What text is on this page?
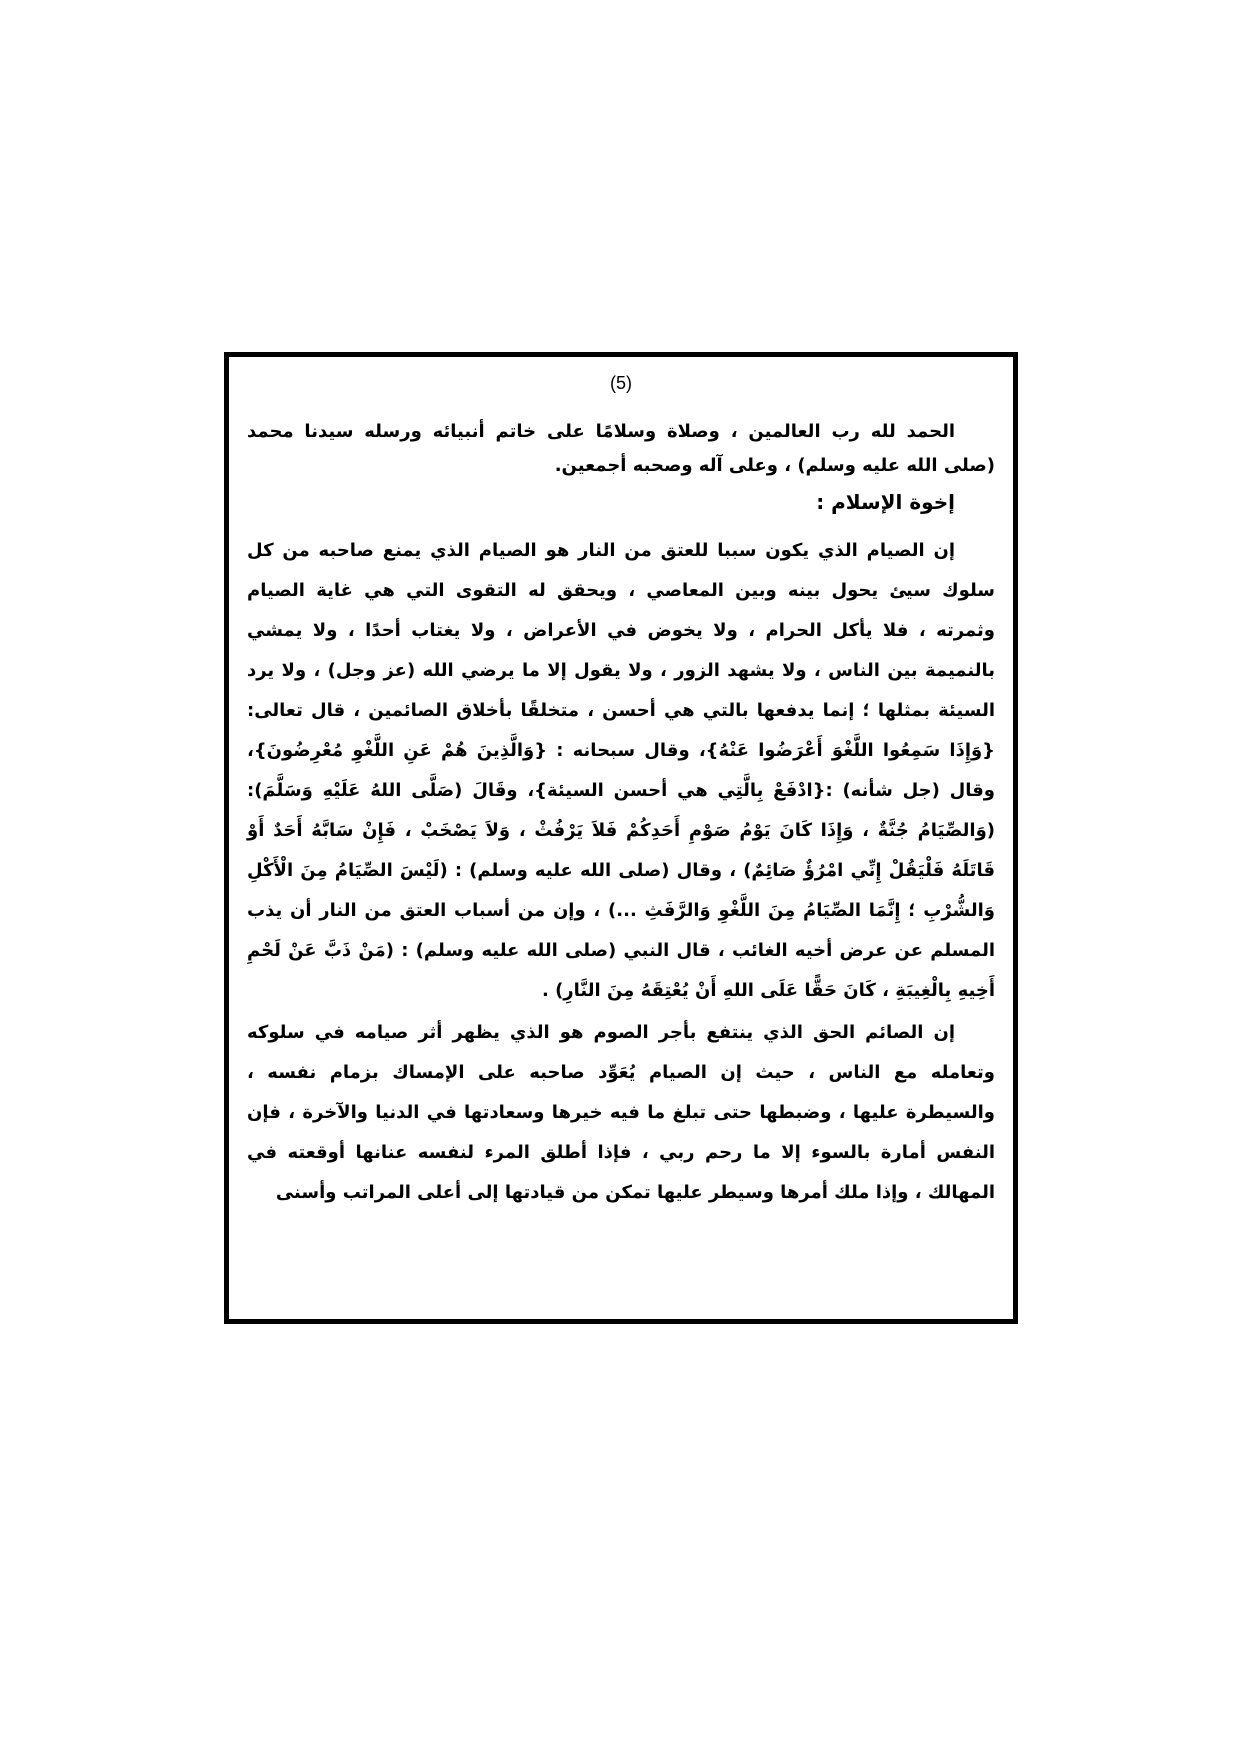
(5)

الحمد لله رب العالمين ، وصلاة وسلامًا على خاتم أنبيائه ورسله سيدنا محمد (صلى الله عليه وسلم) ، وعلى آله وصحبه أجمعين.

إخوة الإسلام :

إن الصيام الذي يكون سببا للعتق من النار هو الصيام الذي يمنع صاحبه من كل سلوك سيئ يحول بينه وبين المعاصي ، ويحقق له التقوى التي هي غاية الصيام وثمرته ، فلا يأكل الحرام ، ولا يخوض في الأعراض ، ولا يغتاب أحدًا ، ولا يمشي بالنميمة بين الناس ، ولا يشهد الزور ، ولا يقول إلا ما يرضي الله (عز وجل) ، ولا يرد السيئة بمثلها ؛ إنما يدفعها بالتي هي أحسن ، متخلقًا بأخلاق الصائمين ، قال تعالى: {وَإِذَا سَمِعُوا اللَّغْوَ أَعْرَضُوا عَنْهُ}، وقال سبحانه : {وَالَّذِينَ هُمْ عَنِ اللَّغْوِ مُعْرِضُونَ}، وقال (جل شأنه) :{ادْفَعْ بِالَّتِي هي أحسن السيئة}، وقَالَ (صَلَّى اللهُ عَلَيْهِ وَسَلَّمَ): (وَالصِّيَامُ جُنَّةٌ ، وَإِذَا كَانَ يَوْمُ صَوْمِ أَحَدِكُمْ فَلاَ يَرْفُثْ ، وَلاَ يَصْخَبْ ، فَإِنْ سَابَّهُ أَحَدٌ أَوْ قَاتَلَهُ فَلْيَقُلْ إِنِّي امْرُؤٌ صَائِمٌ) ، وقال (صلى الله عليه وسلم) : (لَيْسَ الصِّيَامُ مِنَ الْأَكْلِ وَالشُّرْبِ ؛ إِنَّمَا الصِّيَامُ مِنَ اللَّغْوِ وَالرَّفَثِ ...) ، وإن من أسباب العتق من النار أن يذب المسلم عن عرض أخيه الغائب ، قال النبي (صلى الله عليه وسلم) : (مَنْ ذَبَّ عَنْ لَحْمِ أَخِيهِ بِالْغِيبَةِ ، كَانَ حَقًّا عَلَى اللهِ أَنْ يُعْتِقَهُ مِنَ النَّارِ) .

إن الصائم الحق الذي ينتفع بأجر الصوم هو الذي يظهر أثر صيامه في سلوكه وتعامله مع الناس ، حيث إن الصيام يُعَوِّد صاحبه على الإمساك بزمام نفسه ، والسيطرة عليها ، وضبطها حتى تبلغ ما فيه خيرها وسعادتها في الدنيا والآخرة ، فإن النفس أمارة بالسوء إلا ما رحم ربي ، فإذا أطلق المرء لنفسه عنانها أوقعته في المهالك ، وإذا ملك أمرها وسيطر عليها تمكن من قيادتها إلى أعلى المراتب وأسنى
